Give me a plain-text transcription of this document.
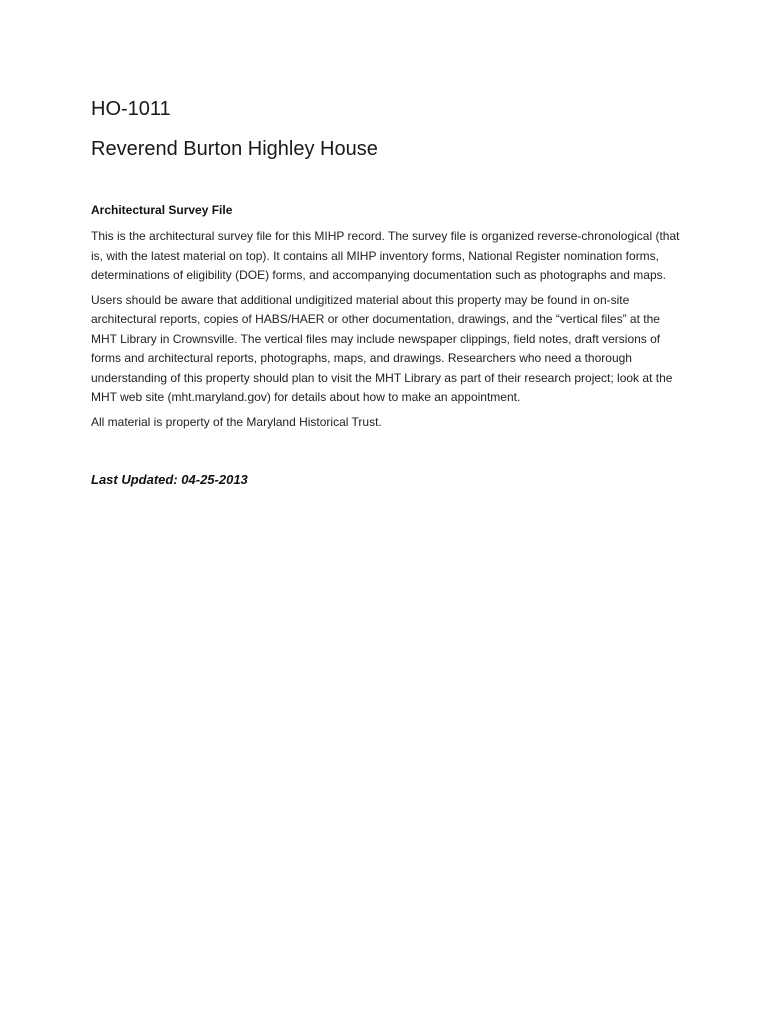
HO-1011
Reverend Burton Highley House
Architectural Survey File

This is the architectural survey file for this MIHP record. The survey file is organized reverse-chronological (that is, with the latest material on top). It contains all MIHP inventory forms, National Register nomination forms, determinations of eligibility (DOE) forms, and accompanying documentation such as photographs and maps.

Users should be aware that additional undigitized material about this property may be found in on-site architectural reports, copies of HABS/HAER or other documentation, drawings, and the “vertical files” at the MHT Library in Crownsville. The vertical files may include newspaper clippings, field notes, draft versions of forms and architectural reports, photographs, maps, and drawings. Researchers who need a thorough understanding of this property should plan to visit the MHT Library as part of their research project; look at the MHT web site (mht.maryland.gov) for details about how to make an appointment.

All material is property of the Maryland Historical Trust.

Last Updated: 04-25-2013
